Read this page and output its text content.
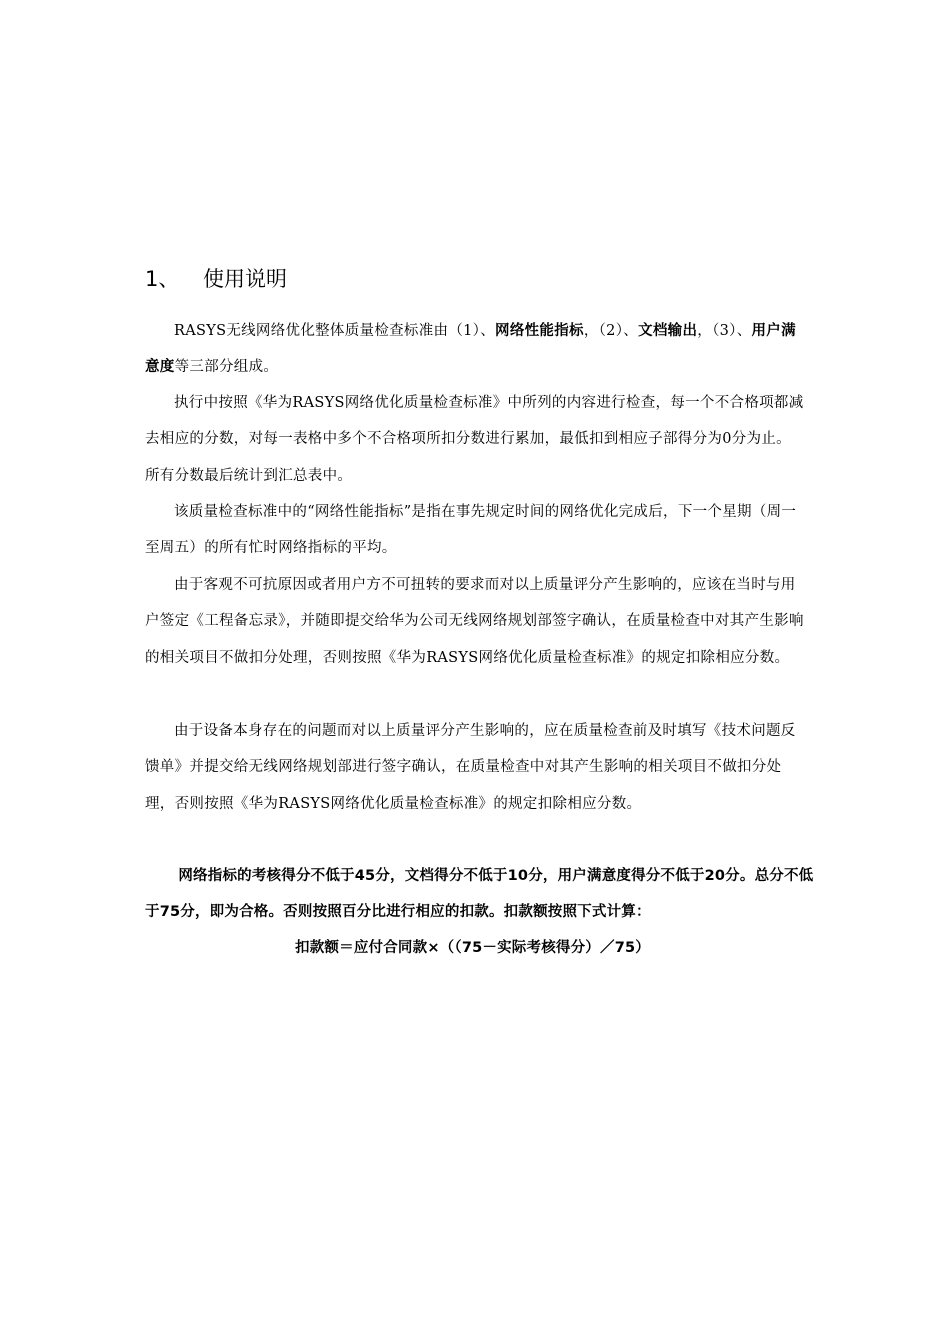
1、 使用说明

RASYS无线网络优化整体质量检查标准由（1）、网络性能指标，（2）、文档输出，（3）、用户满意度等三部分组成。

执行中按照《华为RASYS网络优化质量检查标准》中所列的内容进行检查，每一个不合格项都减去相应的分数，对每一表格中多个不合格项所扣分数进行累加，最低扣到相应子部得分为0分为止。所有分数最后统计到汇总表中。

该质量检查标准中的“网络性能指标”是指在事先规定时间的网络优化完成后，下一个星期（周一至周五）的所有忙时网络指标的平均。

由于客观不可抗原因或者用户方不可扭转的要求而对以上质量评分产生影响的，应该在当时与用户签定《工程备忘录》，并随即提交给华为公司无线网络规划部签字确认，在质量检查中对其产生影响的相关项目不做扣分处理，否则按照《华为RASYS网络优化质量检查标准》的规定扣除相应分数。

由于设备本身存在的问题而对以上质量评分产生影响的，应在质量检查前及时填写《技术问题反馈单》并提交给无线网络规划部进行签字确认，在质量检查中对其产生影响的相关项目不做扣分处理，否则按照《华为RASYS网络优化质量检查标准》的规定扣除相应分数。

网络指标的考核得分不低于45分，文档得分不低于10分，用户满意度得分不低于20分。总分不低于75分，即为合格。否则按照百分比进行相应的扣款。扣款额按照下式计算：

扣款额＝应付合同款×（（75－实际考核得分）／75）
